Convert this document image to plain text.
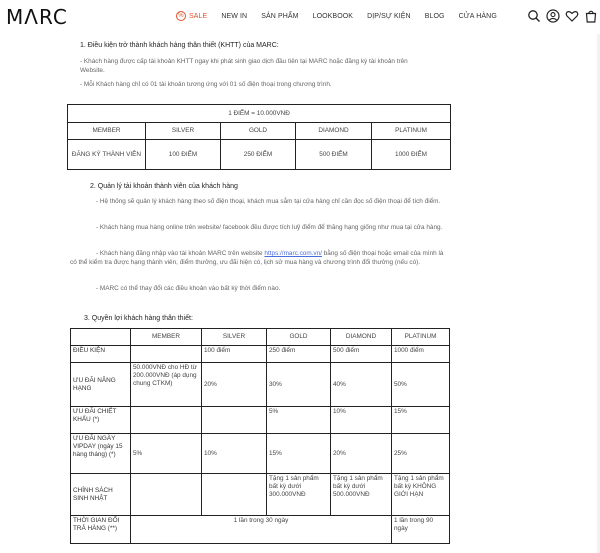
MΛRC	% SALE NEW IN SẢN PHẨM LOOKBOOK DỊP/SỰ KIỆN BLOG CỬA HÀNG
1. Điều kiện trở thành khách hàng thân thiết (KHTT) của MARC:
- Khách hàng được cấp tài khoản KHTT ngay khi phát sinh giao dịch đầu tiên tại MARC hoặc đăng ký tài khoản trên Website.
- Mỗi Khách hàng chỉ có 01 tài khoản tương ứng với 01 số điện thoại trong chương trình.
1 ĐIỂM = 10.000VNĐ				
MEMBER	SILVER	GOLD	DIAMOND	PLATINUM
ĐĂNG KÝ THÀNH VIÊN	100 ĐIỂM	250 ĐIỂM	500 ĐIỂM	1000 ĐIỂM
2. Quản lý tài khoản thành viên của khách hàng
- Hệ thống sẽ quản lý khách hàng theo số điện thoại, khách mua sắm tại cửa hàng chỉ cần đọc số điện thoại để tích điểm.
- Khách hàng mua hàng online trên website/ facebook đều được tích luỹ điểm để thăng hạng giống như mua tại cửa hàng.
- Khách hàng đăng nhập vào tài khoản MARC trên website https://marc.com.vn/ bằng số điện thoại hoặc email của mình là có thể kiểm tra được hạng thành viên, điểm thưởng, ưu đãi hiện có, lịch sử mua hàng và chương trình đổi thưởng (nếu có).
- MARC có thể thay đổi các điều khoản vào bất kỳ thời điểm nào.
3. Quyền lợi khách hàng thân thiết:
	MEMBER	SILVER	GOLD	DIAMOND	PLATINUM
ĐIỀU KIỆN		100 điểm	250 điểm	500 điểm	1000 điểm
ƯU ĐÃI NÂNG HẠNG	50.000VNĐ cho HĐ từ 200.000VNĐ (áp dụng chung CTKM)	20%	30%	40%	50%
ƯU ĐÃI CHIẾT KHẤU (*)			5%	10%	15%
ƯU ĐÃI NGÀY VIPDAY (ngày 15 hàng tháng) (*)	5%	10%	15%	20%	25%
CHÍNH SÁCH SINH NHẬT			Tặng 1 sản phẩm bất kỳ dưới 300.000VNĐ	Tặng 1 sản phẩm bất kỳ dưới 500.000VNĐ	Tặng 1 sản phẩm bất kỳ KHÔNG GIỚI HẠN
THỜI GIAN ĐỔI TRẢ HÀNG (**)	1 lần trong 30 ngày				1 lần trong 90 ngày
